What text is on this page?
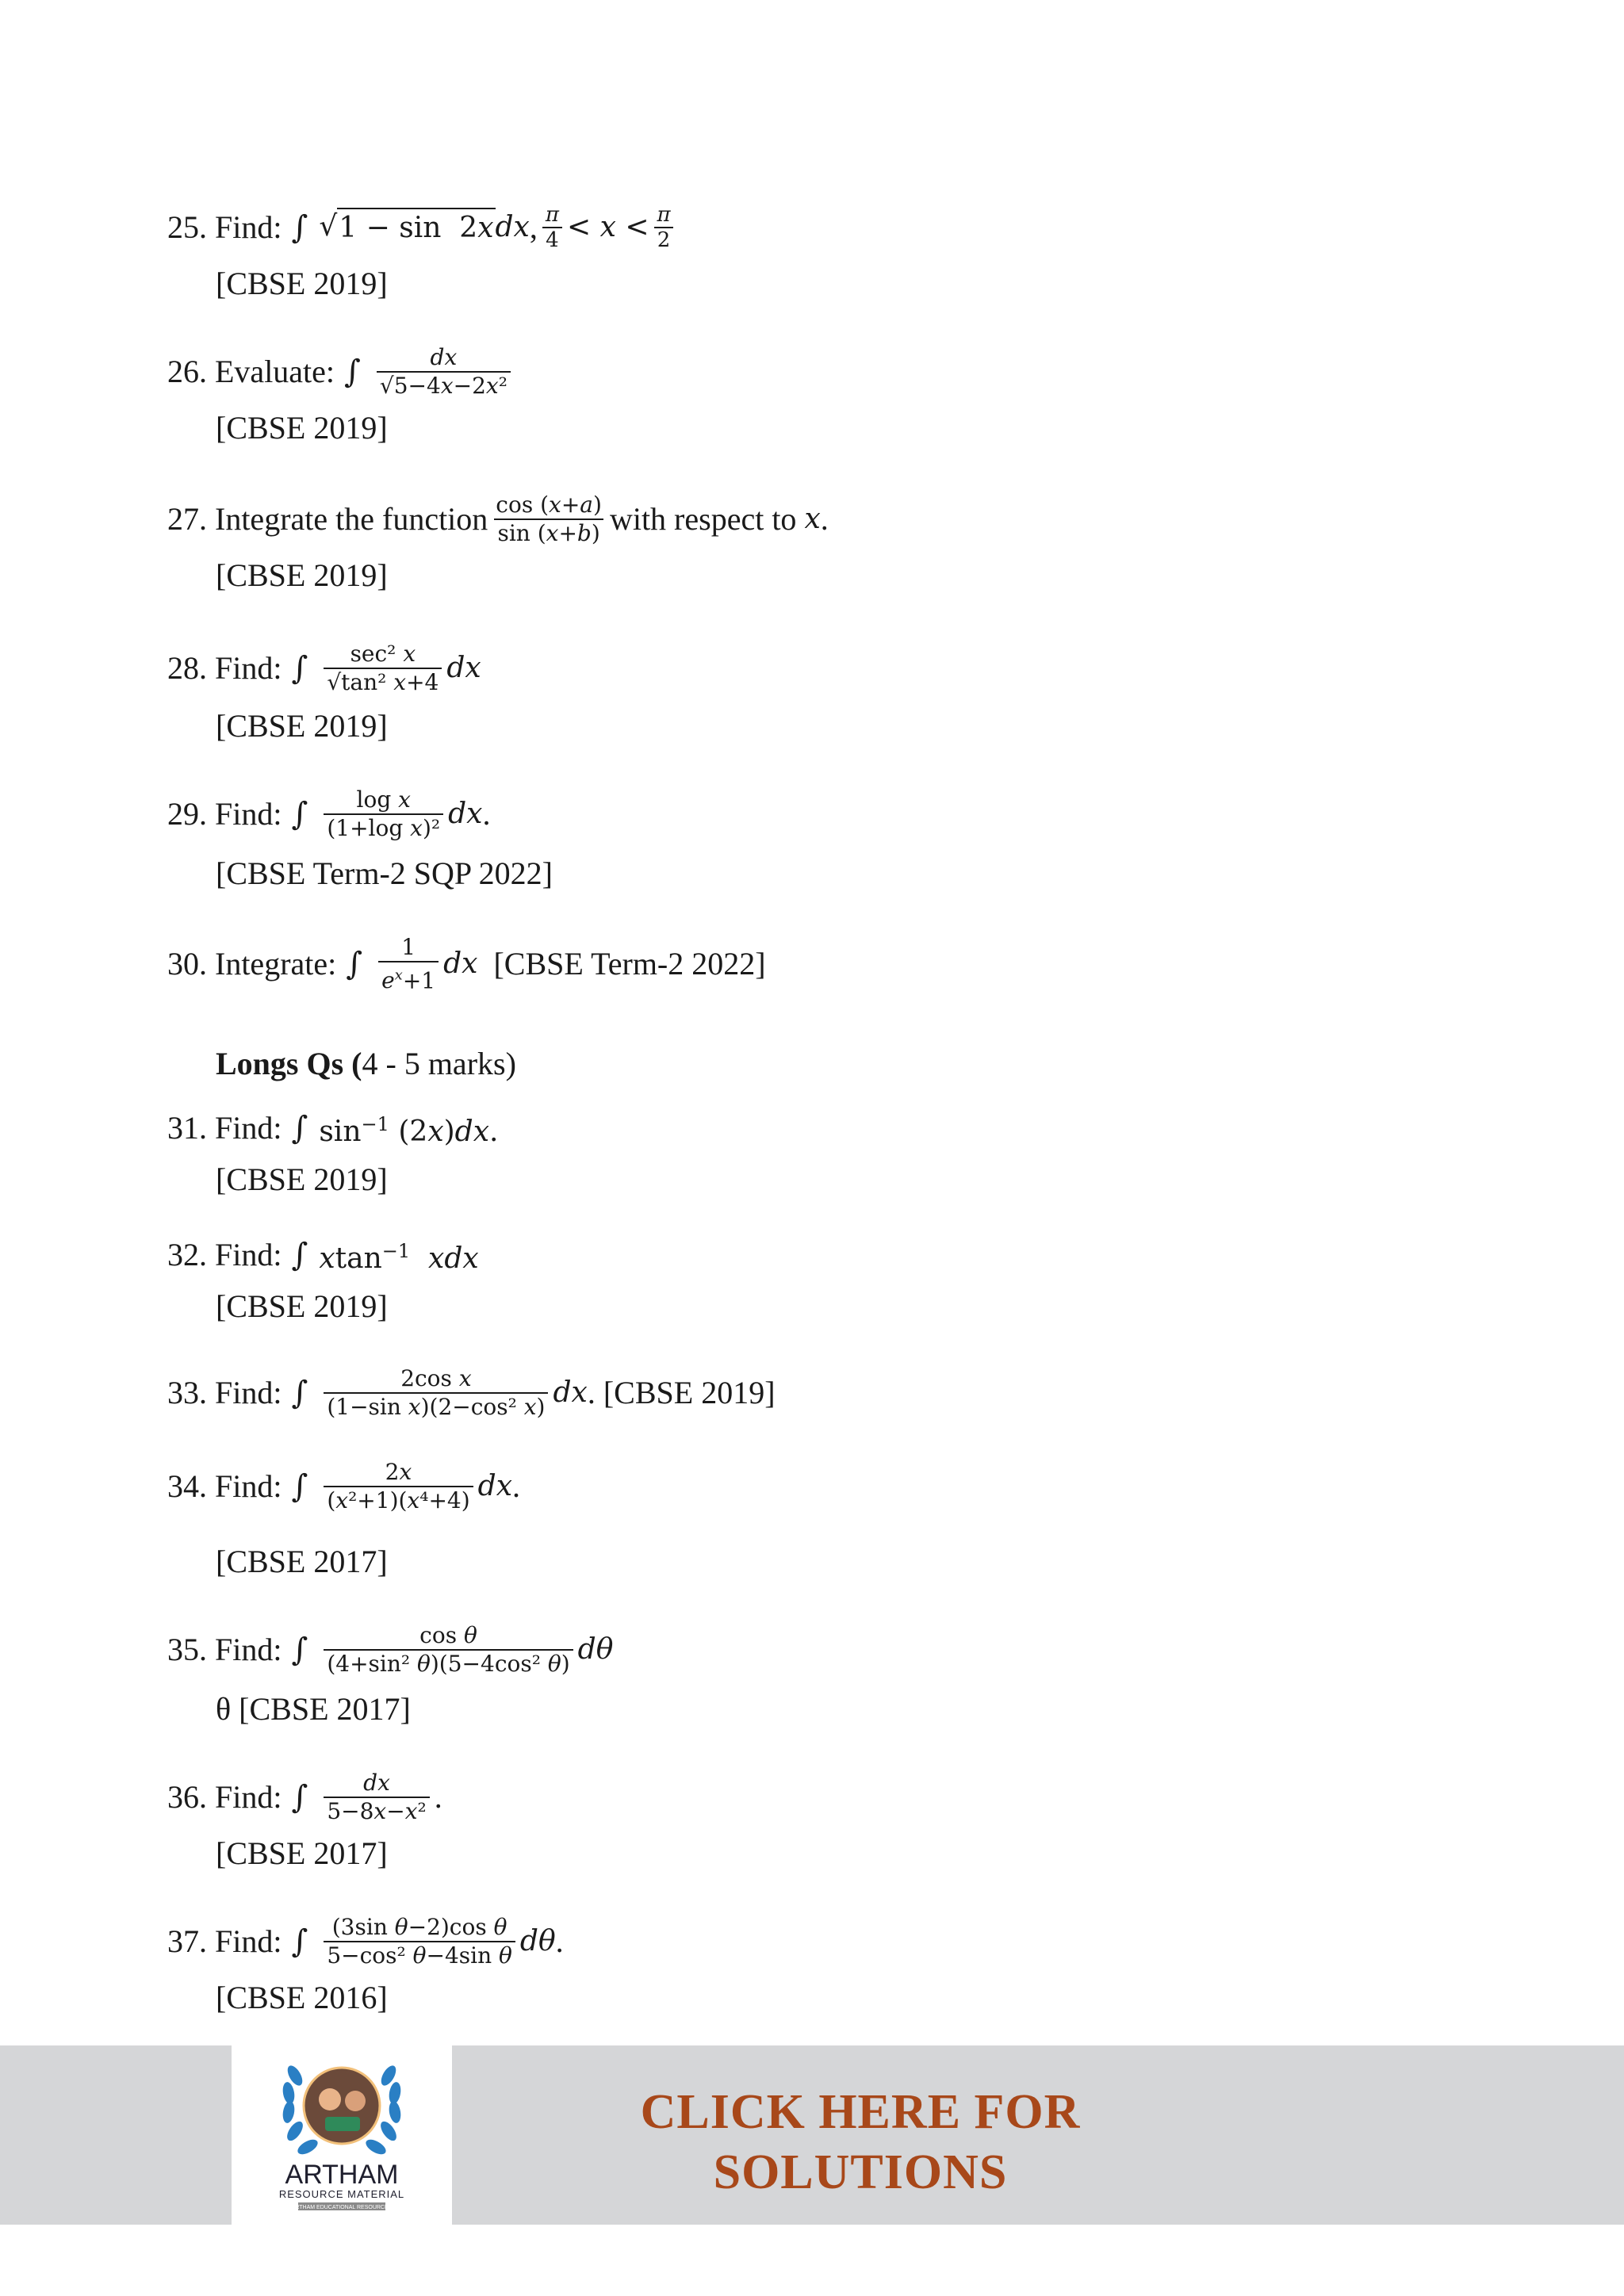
25.
Find: ∫ √ 1 − sin  2x dx , $\frac{\pi}{4} < x < \frac{\pi}{2}$
[CBSE 2019]
26.
Evaluate: ∫ $\frac{dx}{\text{√5−4x−2x²}}$
[CBSE 2019]
27.
Integrate the function $\frac{\cos (x+a)}{\sin (x+b)}$ with respect to
x .
[CBSE 2019]
28.
Find: ∫ $\frac{\text{sec² x}}{\text{√tan² x+4}}$ dx
[CBSE 2019]
29.
Find: ∫ $\frac{\text{log x}}{\text{(1+log x)²}}$ dx .
[CBSE Term-2 SQP 2022]
30.
Integrate: ∫ $\frac{1}{e^x+1}$ dx
[CBSE Term-2 2022]
Longs Qs (4 - 5 marks)
31.
Find: ∫ $\sin^{-1} (2x)dx$.
[CBSE 2019]
32.
Find: ∫ xtan$^{-1}$ xdx
[CBSE 2019]
33.
Find: ∫ $\frac{\text{2cos x}}{\text{(1−sin x)(2−cos² x)}}$ dx . [CBSE 2019]
34.
Find: ∫ $\frac{2x}{\text{(x²+1)(x⁴+4)}}$ dx .
[CBSE 2017]
35.
Find: ∫ $\frac{\text{cos θ}}{\text{(4+sin² θ)(5−4cos² θ)}}$ dθ
θ [CBSE 2017]
36.
Find: ∫ $\frac{dx}{\text{5−8x−x²}}$ .
[CBSE 2017]
37.
Find: ∫ $\frac{\text{(3sin θ−2)cos θ}}{\text{5−cos² θ−4sin θ}}$ dθ .
[CBSE 2016]
ARTHAM
RESOURCE MATERIAL
ARTHAM EDUCATIONAL RESOURCES
CLICK HERE FOR
SOLUTIONS
